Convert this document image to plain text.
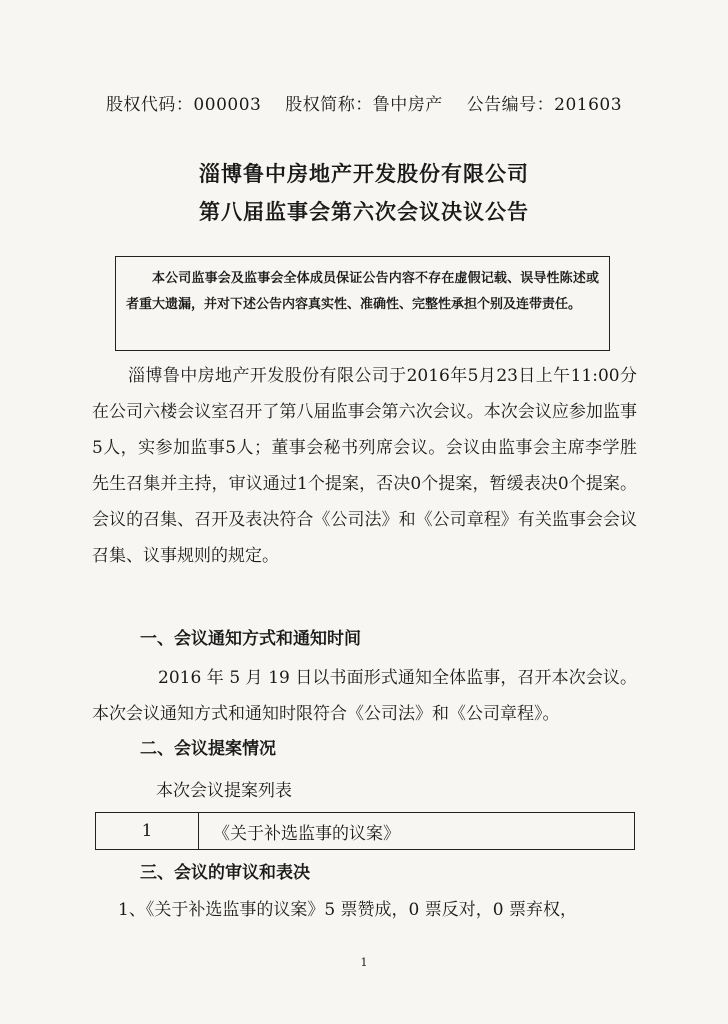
股权代码：000003 股权简称：鲁中房产 公告编号：201603
淄博鲁中房地产开发股份有限公司
第八届监事会第六次会议决议公告
本公司监事会及监事会全体成员保证公告内容不存在虚假记载、误导性陈述或者重大遗漏，并对下述公告内容真实性、准确性、完整性承担个别及连带责任。
淄博鲁中房地产开发股份有限公司于2016年5月23日上午11:00分在公司六楼会议室召开了第八届监事会第六次会议。本次会议应参加监事5人，实参加监事5人；董事会秘书列席会议。会议由监事会主席李学胜先生召集并主持，审议通过1个提案，否决0个提案，暂缓表决0个提案。会议的召集、召开及表决符合《公司法》和《公司章程》有关监事会会议召集、议事规则的规定。
一、会议通知方式和通知时间
2016 年 5 月 19 日以书面形式通知全体监事，召开本次会议。本次会议通知方式和通知时限符合《公司法》和《公司章程》。
二、会议提案情况
本次会议提案列表
1	《关于补选监事的议案》
三、会议的审议和表决
1、《关于补选监事的议案》5 票赞成，0 票反对，0 票弃权，
1
